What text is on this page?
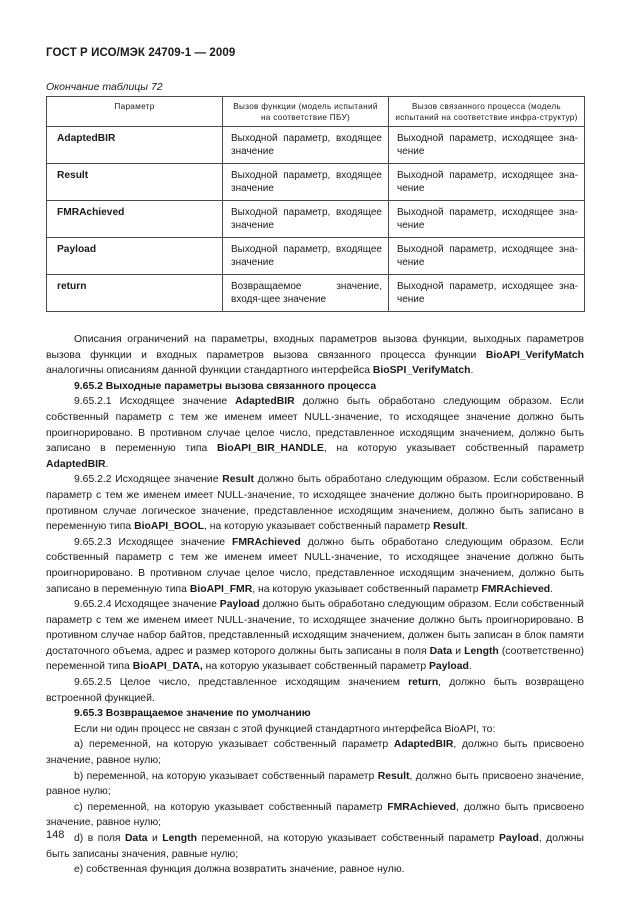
ГОСТ Р ИСО/МЭК 24709-1 — 2009
Окончание таблицы 72
Параметр	Вызов функции (модель испытаний на соответствие ПБУ)	Вызов связанного процесса (модель испытаний на соответствие инфра-структур)
AdaptedBIR	Выходной параметр, входящее значение	Выходной параметр, исходящее зна-чение
Result	Выходной параметр, входящее значение	Выходной параметр, исходящее зна-чение
FMRAchieved	Выходной параметр, входящее значение	Выходной параметр, исходящее зна-чение
Payload	Выходной параметр, входящее значение	Выходной параметр, исходящее зна-чение
return	Возвращаемое значение, входя-щее значение	Выходной параметр, исходящее зна-чение

Описания ограничений на параметры, входных параметров вызова функции, выходных параметров вызова функции и входных параметров вызова связанного процесса функции BioAPI_VerifyMatch аналогичны описаниям данной функции стандартного интерфейса BioSPI_VerifyMatch.

9.65.2 Выходные параметры вызова связанного процесса

9.65.2.1 Исходящее значение AdaptedBIR должно быть обработано следующим образом. Если собственный параметр с тем же именем имеет NULL-значение, то исходящее значение должно быть проигнорировано. В противном случае целое число, представленное исходящим значением, должно быть записано в переменную типа BioAPI_BIR_HANDLE, на которую указывает собственный параметр AdaptedBIR.

9.65.2.2 Исходящее значение Result должно быть обработано следующим образом. Если собственный параметр с тем же именем имеет NULL-значение, то исходящее значение должно быть проигнорировано. В противном случае логическое значение, представленное исходящим значением, должно быть записано в переменную типа BioAPI_BOOL, на которую указывает собственный параметр Result.

9.65.2.3 Исходящее значение FMRAchieved должно быть обработано следующим образом. Если собственный параметр с тем же именем имеет NULL-значение, то исходящее значение должно быть проигнорировано. В противном случае целое число, представленное исходящим значением, должно быть записано в переменную типа BioAPI_FMR, на которую указывает собственный параметр FMRAchieved.

9.65.2.4 Исходящее значение Payload должно быть обработано следующим образом. Если собственный параметр с тем же именем имеет NULL-значение, то исходящее значение должно быть проигнорировано. В противном случае набор байтов, представленный исходящим значением, должен быть записан в блок памяти достаточного объема, адрес и размер которого должны быть записаны в поля Data и Length (соответственно) переменной типа BioAPI_DATA, на которую указывает собственный параметр Payload.

9.65.2.5 Целое число, представленное исходящим значением return, должно быть возвращено встроенной функцией.

9.65.3 Возвращаемое значение по умолчанию

Если ни один процесс не связан с этой функцией стандартного интерфейса BioAPI, то:

а) переменной, на которую указывает собственный параметр AdaptedBIR, должно быть присвоено значение, равное нулю;

b) переменной, на которую указывает собственный параметр Result, должно быть присвоено значение, равное нулю;

с) переменной, на которую указывает собственный параметр FMRAchieved, должно быть присвоено значение, равное нулю;

d) в поля Data и Length переменной, на которую указывает собственный параметр Payload, должны быть записаны значения, равные нулю;

е) собственная функция должна возвратить значение, равное нулю.

148
